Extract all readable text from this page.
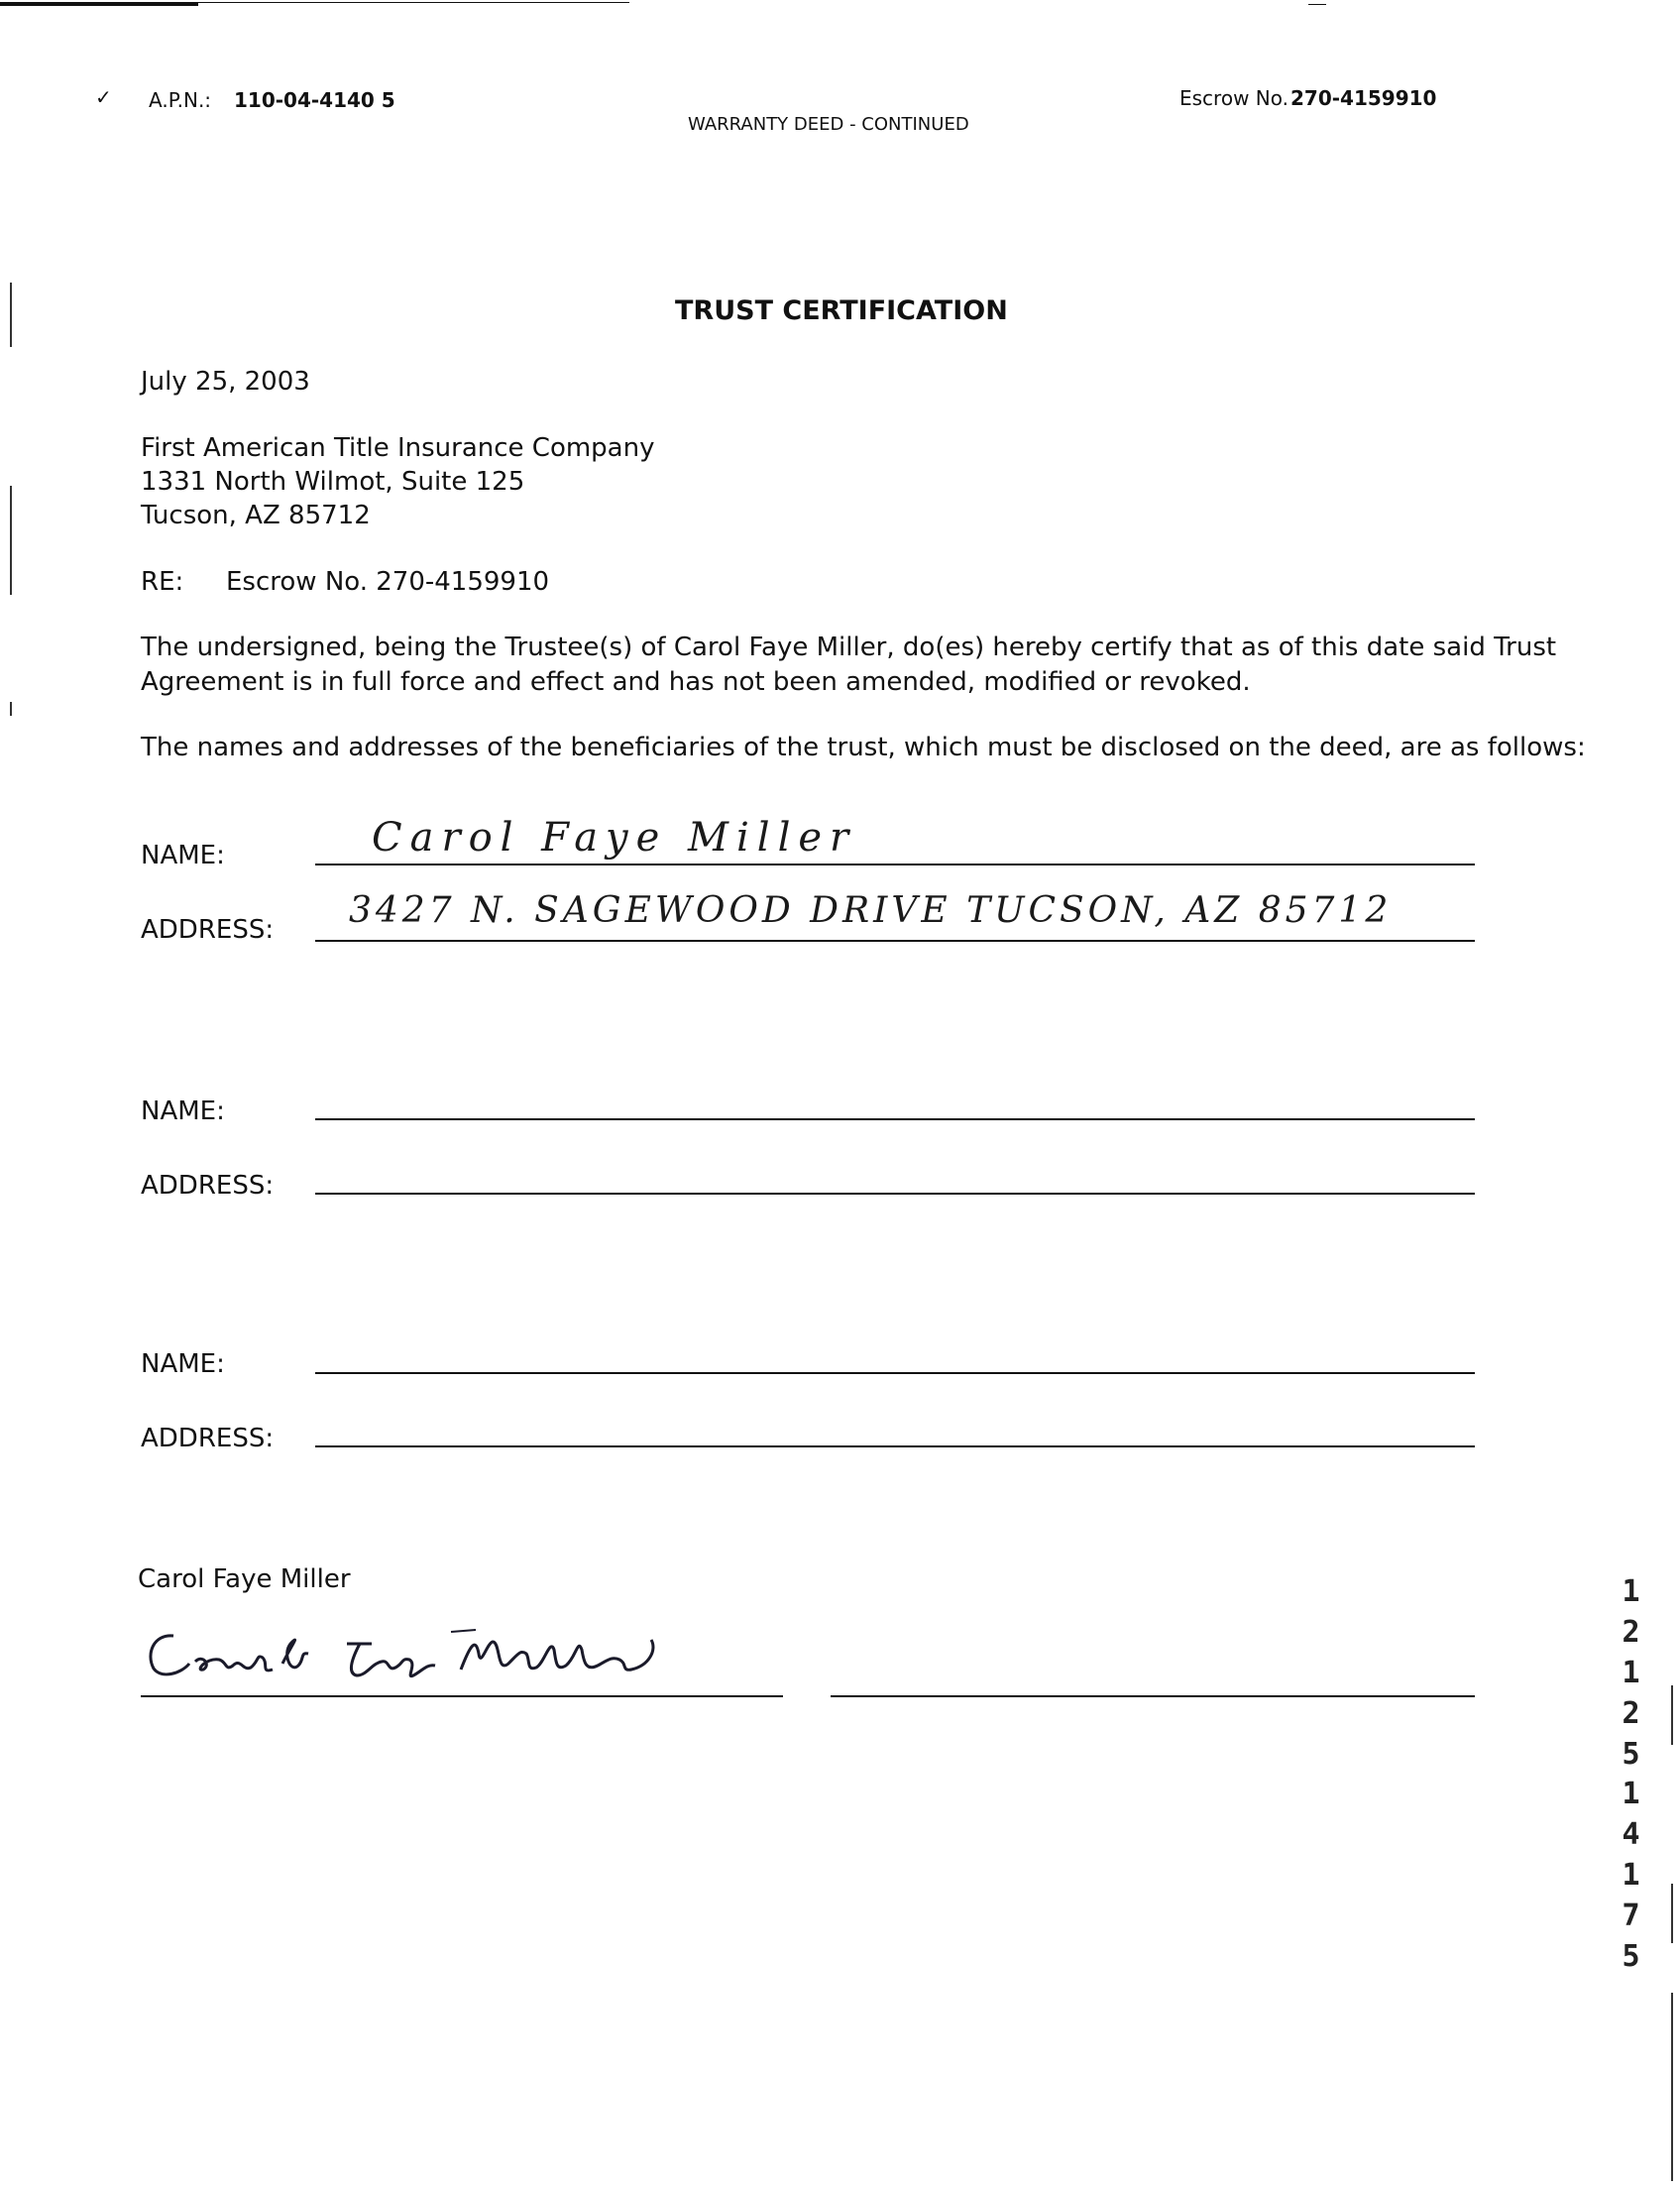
✓ A.P.N.: 110-04-4140 5
WARRANTY DEED - CONTINUED
Escrow No. 270-4159910
TRUST CERTIFICATION
July 25, 2003
First American Title Insurance Company
1331 North Wilmot, Suite 125
Tucson, AZ 85712
RE: Escrow No. 270-4159910
The undersigned, being the Trustee(s) of Carol Faye Miller, do(es) hereby certify that as of this date said Trust
Agreement is in full force and effect and has not been amended, modified or revoked.
The names and addresses of the beneficiaries of the trust, which must be disclosed on the deed, are as follows:
NAME:	Carol Faye Miller
ADDRESS: 3427 N. SAGEWOOD DRIVE TUCSON, AZ 85712
NAME:
ADDRESS:
NAME:
ADDRESS:
Carol Faye Miller	12125
14175
